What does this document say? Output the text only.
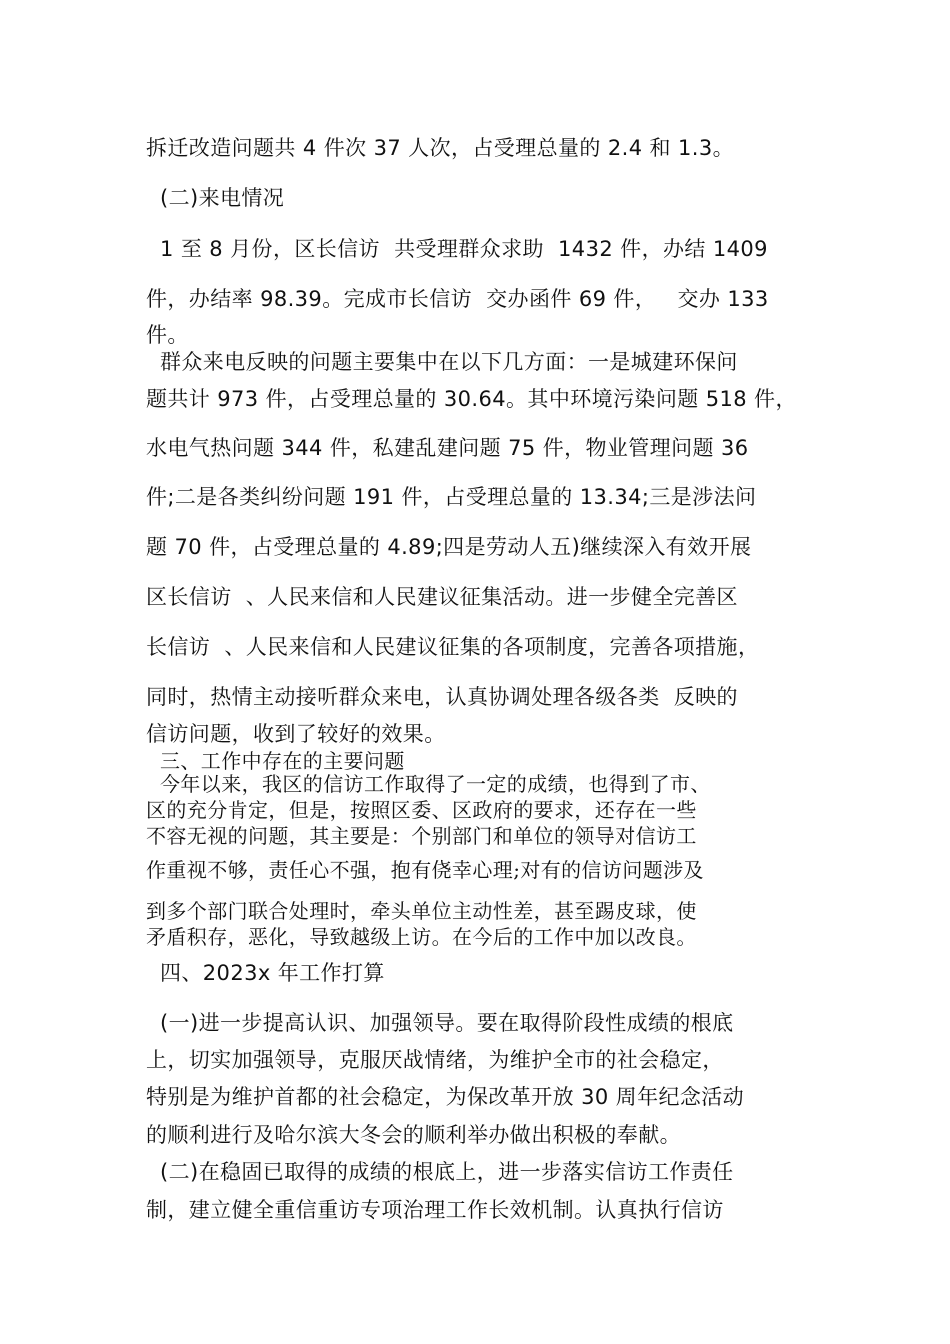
拆迁改造问题共 4 件次 37 人次，占受理总量的 2.4 和 1.3。
(二)来电情况
1 至 8 月份，区长信访  共受理群众求助  1432 件，办结 1409
件，办结率 98.39。完成市长信访  交办函件 69 件，   交办 133
件。
群众来电反映的问题主要集中在以下几方面：一是城建环保问
题共计 973 件，占受理总量的 30.64。其中环境污染问题 518 件，
水电气热问题 344 件，私建乱建问题 75 件，物业管理问题 36
件;二是各类纠纷问题 191 件，占受理总量的 13.34;三是涉法问
题 70 件，占受理总量的 4.89;四是劳动人五)继续深入有效开展
区长信访  、人民来信和人民建议征集活动。进一步健全完善区
长信访  、人民来信和人民建议征集的各项制度，完善各项措施，
同时，热情主动接听群众来电，认真协调处理各级各类  反映的
信访问题，收到了较好的效果。
三、工作中存在的主要问题
今年以来，我区的信访工作取得了一定的成绩，也得到了市、
区的充分肯定，但是，按照区委、区政府的要求，还存在一些
不容无视的问题，其主要是：个别部门和单位的领导对信访工
作重视不够，责任心不强，抱有侥幸心理;对有的信访问题涉及
到多个部门联合处理时，牵头单位主动性差，甚至踢皮球，使
矛盾积存，恶化，导致越级上访。在今后的工作中加以改良。
四、2023x 年工作打算
(一)进一步提高认识、加强领导。要在取得阶段性成绩的根底
上，切实加强领导，克服厌战情绪，为维护全市的社会稳定，
特别是为维护首都的社会稳定，为保改革开放 30 周年纪念活动
的顺利进行及哈尔滨大冬会的顺利举办做出积极的奉献。
(二)在稳固已取得的成绩的根底上，进一步落实信访工作责任
制，建立健全重信重访专项治理工作长效机制。认真执行信访
